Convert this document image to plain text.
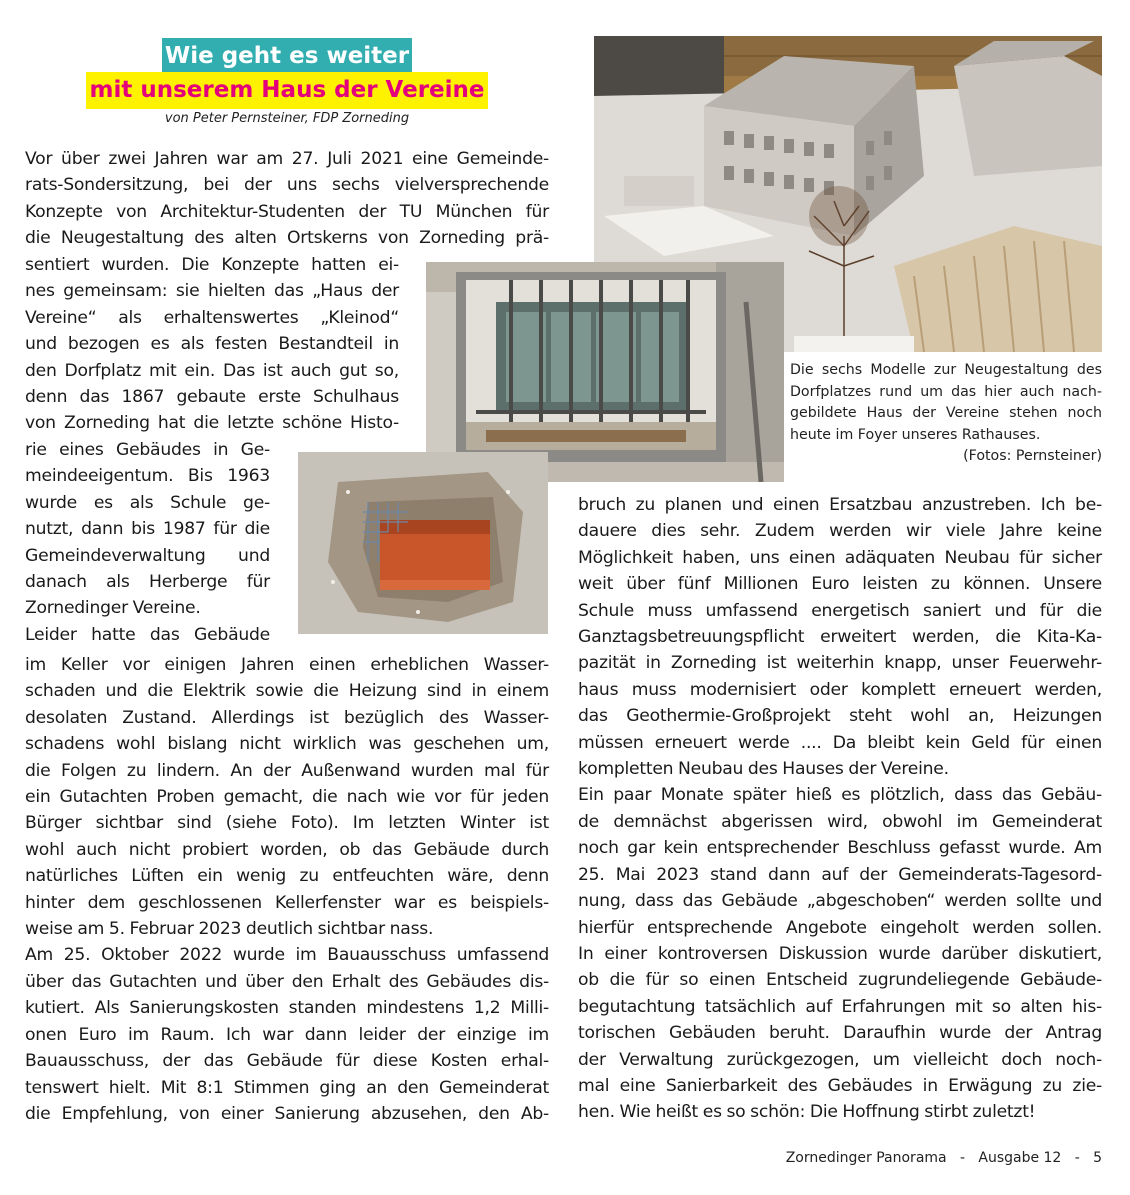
Wie geht es weiter
mit unserem Haus der Vereine
von Peter Pernsteiner, FDP Zorneding
Vor über zwei Jahren war am 27. Juli 2021 eine Gemeinde-
rats-Sondersitzung, bei der uns sechs vielversprechende
Konzepte von Architektur-Studenten der TU München für
die Neugestaltung des alten Ortskerns von Zorneding prä-
sentiert wurden. Die Konzepte hatten ei-
nes gemeinsam: sie hielten das „Haus der
Vereine“ als erhaltenswertes „Kleinod“
und bezogen es als festen Bestandteil in
den Dorfplatz mit ein. Das ist auch gut so,
denn das 1867 gebaute erste Schulhaus
von Zorneding hat die letzte schöne Histo-
rie eines Gebäudes in Ge-
meindeeigentum. Bis 1963
wurde es als Schule ge-
nutzt, dann bis 1987 für die
Gemeindeverwaltung und
danach als Herberge für
Zornedinger Vereine.
Leider hatte das Gebäude
im Keller vor einigen Jahren einen erheblichen Wasser-
schaden und die Elektrik sowie die Heizung sind in einem
desolaten Zustand. Allerdings ist bezüglich des Wasser-
schadens wohl bislang nicht wirklich was geschehen um,
die Folgen zu lindern. An der Außenwand wurden mal für
ein Gutachten Proben gemacht, die nach wie vor für jeden
Bürger sichtbar sind (siehe Foto). Im letzten Winter ist
wohl auch nicht probiert worden, ob das Gebäude durch
natürliches Lüften ein wenig zu entfeuchten wäre, denn
hinter dem geschlossenen Kellerfenster war es beispiels-
weise am 5. Februar 2023 deutlich sichtbar nass.
Am 25. Oktober 2022 wurde im Bauausschuss umfassend
über das Gutachten und über den Erhalt des Gebäudes dis-
kutiert. Als Sanierungskosten standen mindestens 1,2 Milli-
onen Euro im Raum. Ich war dann leider der einzige im
Bauausschuss, der das Gebäude für diese Kosten erhal-
tenswert hielt. Mit 8:1 Stimmen ging an den Gemeinderat
die Empfehlung, von einer Sanierung abzusehen, den Ab-
Die sechs Modelle zur Neugestaltung des
Dorfplatzes rund um das hier auch nach-
gebildete Haus der Vereine stehen noch
heute im Foyer unseres Rathauses.
(Fotos: Pernsteiner)
bruch zu planen und einen Ersatzbau anzustreben. Ich be-
dauere dies sehr. Zudem werden wir viele Jahre keine
Möglichkeit haben, uns einen adäquaten Neubau für sicher
weit über fünf Millionen Euro leisten zu können. Unsere
Schule muss umfassend energetisch saniert und für die
Ganztagsbetreuungspflicht erweitert werden, die Kita-Ka-
pazität in Zorneding ist weiterhin knapp, unser Feuerwehr-
haus muss modernisiert oder komplett erneuert werden,
das Geothermie-Großprojekt steht wohl an, Heizungen
müssen erneuert werde .... Da bleibt kein Geld für einen
kompletten Neubau des Hauses der Vereine.
Ein paar Monate später hieß es plötzlich, dass das Gebäu-
de demnächst abgerissen wird, obwohl im Gemeinderat
noch gar kein entsprechender Beschluss gefasst wurde. Am
25. Mai 2023 stand dann auf der Gemeinderats-Tagesord-
nung, dass das Gebäude „abgeschoben“ werden sollte und
hierfür entsprechende Angebote eingeholt werden sollen.
In einer kontroversen Diskussion wurde darüber diskutiert,
ob die für so einen Entscheid zugrundeliegende Gebäude-
begutachtung tatsächlich auf Erfahrungen mit so alten his-
torischen Gebäuden beruht. Daraufhin wurde der Antrag
der Verwaltung zurückgezogen, um vielleicht doch noch-
mal eine Sanierbarkeit des Gebäudes in Erwägung zu zie-
hen. Wie heißt es so schön: Die Hoffnung stirbt zuletzt!
Zornedinger Panorama   -   Ausgabe 12   -   5
